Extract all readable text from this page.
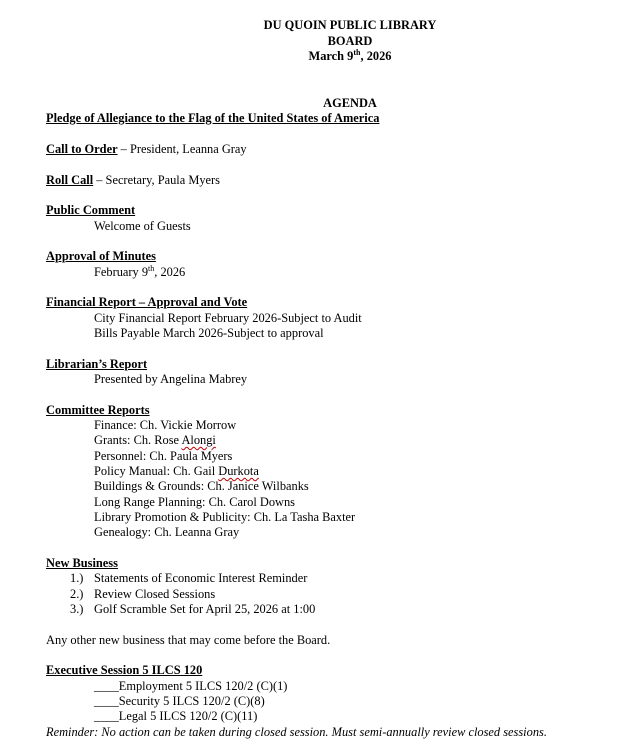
DU QUOIN PUBLIC LIBRARY
BOARD
March 9th, 2026
AGENDA
Pledge of Allegiance to the Flag of the United States of America
Call to Order – President, Leanna Gray
Roll Call – Secretary, Paula Myers
Public Comment
Welcome of Guests
Approval of Minutes
February 9th, 2026
Financial Report – Approval and Vote
City Financial Report February 2026-Subject to Audit
Bills Payable March 2026-Subject to approval
Librarian’s Report
Presented by Angelina Mabrey
Committee Reports
Finance: Ch. Vickie Morrow
Grants: Ch. Rose Alongi
Personnel: Ch. Paula Myers
Policy Manual: Ch. Gail Durkota
Buildings & Grounds: Ch. Janice Wilbanks
Long Range Planning: Ch. Carol Downs
Library Promotion & Publicity: Ch. La Tasha Baxter
Genealogy: Ch. Leanna Gray
New Business
1.) Statements of Economic Interest Reminder
2.) Review Closed Sessions
3.) Golf Scramble Set for April 25, 2026 at 1:00
Any other new business that may come before the Board.
Executive Session 5 ILCS 120
____Employment 5 ILCS 120/2 (C)(1)
____Security 5 ILCS 120/2 (C)(8)
____Legal 5 ILCS 120/2 (C)(11)
Reminder: No action can be taken during closed session. Must semi-annually review closed sessions.
